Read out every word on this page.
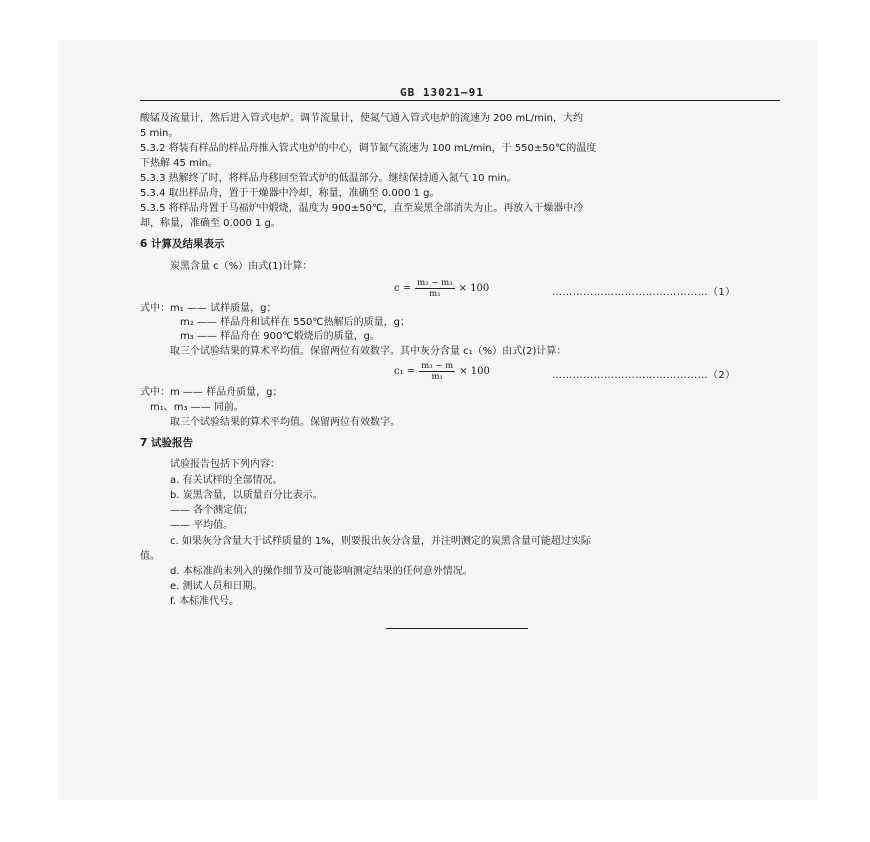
GB 13021—91
酸锰及流量计，然后进入管式电炉。调节流量计，使氮气通入管式电炉的流速为 200 mL/min，大约
5 min。
5.3.2 将装有样品的样品舟推入管式电炉的中心，调节氮气流速为 100 mL/min，于 550±50℃的温度
下热解 45 min。
5.3.3 热解终了时，将样品舟移回至管式炉的低温部分。继续保持通入氮气 10 min。
5.3.4 取出样品舟，置于干燥器中冷却，称量，准确至 0.000 1 g。
5.3.5 将样品舟置于马福炉中煅烧，温度为 900±50℃，直至炭黑全部消失为止。再放入干燥器中冷
却，称量，准确至 0.000 1 g。
6 计算及结果表示
炭黑含量 c（%）由式(1)计算：
$c = \frac{\text{m₂ − m₃}}{\text{m₁}} \times 100$	………………………………………（1）
式中：m₁ —— 试样质量，g；
m₂ —— 样品舟和试样在 550℃热解后的质量，g；
m₃ —— 样品舟在 900℃煅烧后的质量，g。
取三个试验结果的算术平均值。保留两位有效数字。其中灰分含量 c₁（%）由式(2)计算：
$c_1 = \frac{\text{m₃ − m}}{\text{m₁}} \times 100$	………………………………………（2）
式中：m —— 样品舟质量，g；
m₁、m₃ —— 同前。
取三个试验结果的算术平均值。保留两位有效数字。
7 试验报告
试验报告包括下列内容：
a. 有关试样的全部情况。
b. 炭黑含量，以质量百分比表示。
—— 各个测定值；
—— 平均值。
c. 如果灰分含量大于试样质量的 1%，则要报出灰分含量，并注明测定的炭黑含量可能超过实际
值。
d. 本标准尚未列入的操作细节及可能影响测定结果的任何意外情况。
e. 测试人员和日期。
f. 本标准代号。
